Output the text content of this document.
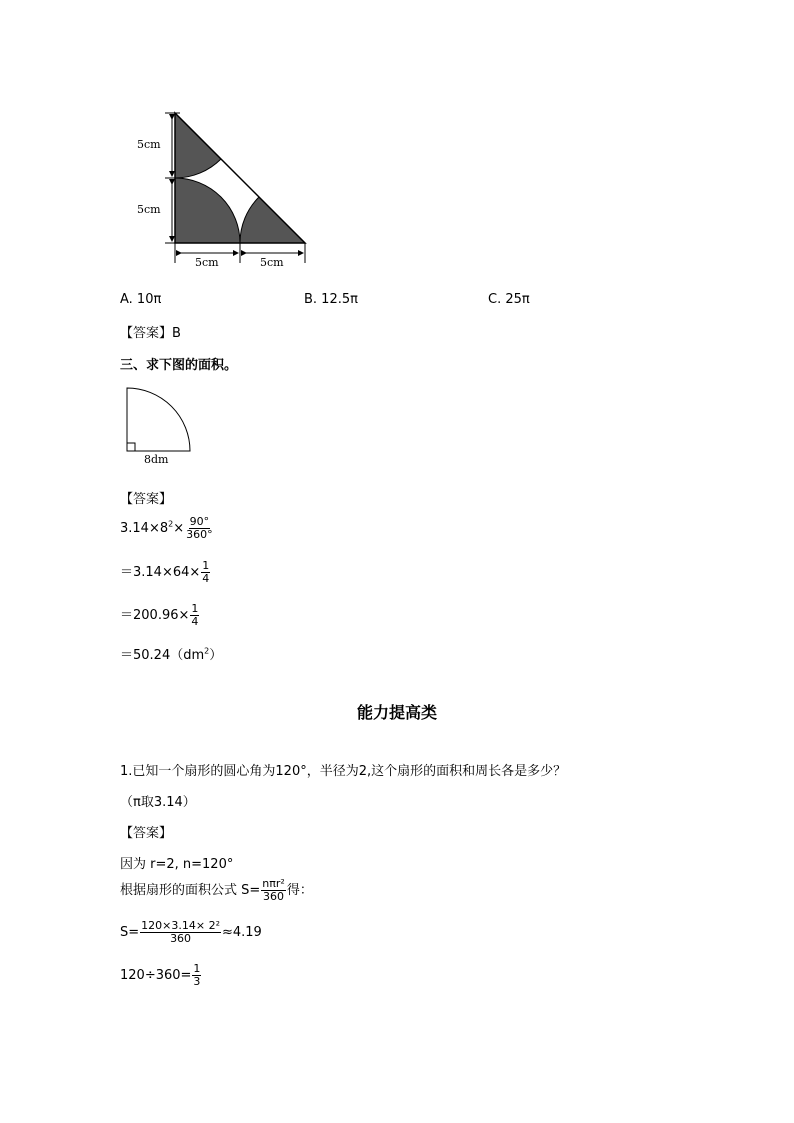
5cm
5cm
5cm	5cm
A. 10π	B. 12.5π	C. 25π
【答案】B
三、求下图的面积。
8dm
【答案】
$3.14\times 8^2\times \frac{90^\circ}{360^\circ}$
$=3.14\times 64\times \frac{1}{4}$
$=200.96\times \frac{1}{4}$
$=50.24(dm^2)$
能力提高类
1.已知一个扇形的圆心角为120°，半径为2,这个扇形的面积和周长各是多少？
（π取3.14）
【答案】
因为 r=2, n=120°
根据扇形的面积公式 $S= \frac{\text{nπr²}}{360}$ 得：
$S= \frac{\text{120×3.14× 2²}}{360} \approx 4.19$
$120\div 360= \frac{1}{3}$
